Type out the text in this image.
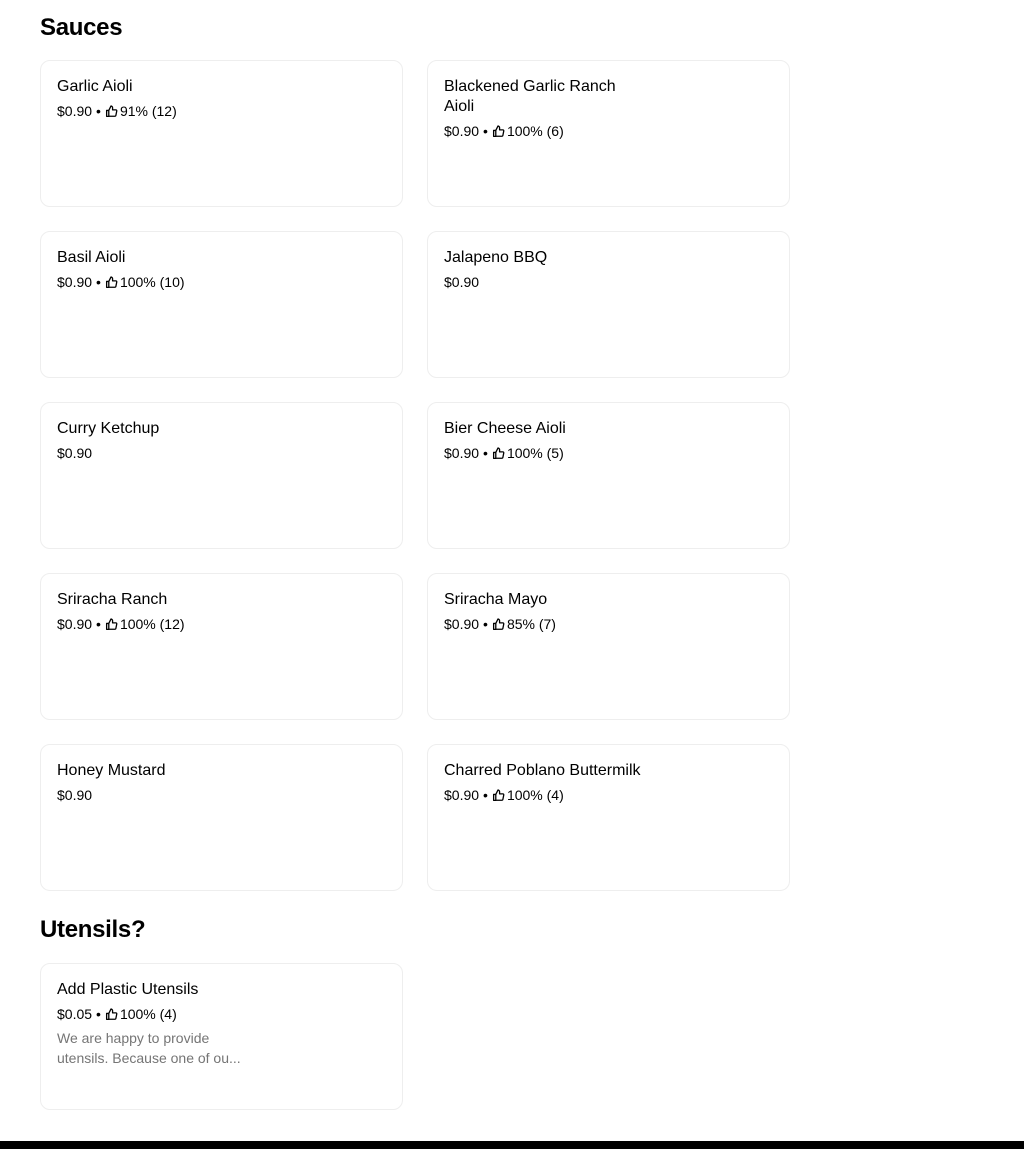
Sauces
Garlic Aioli
$0.90 • 91% (12)
Blackened Garlic Ranch Aioli
$0.90 • 100% (6)
Basil Aioli
$0.90 • 100% (10)
Jalapeno BBQ
$0.90
Curry Ketchup
$0.90
Bier Cheese Aioli
$0.90 • 100% (5)
Sriracha Ranch
$0.90 • 100% (12)
Sriracha Mayo
$0.90 • 85% (7)
Honey Mustard
$0.90
Charred Poblano Buttermilk
$0.90 • 100% (4)
Utensils?
Add Plastic Utensils
$0.05 • 100% (4)
We are happy to provide utensils. Because one of ou...
